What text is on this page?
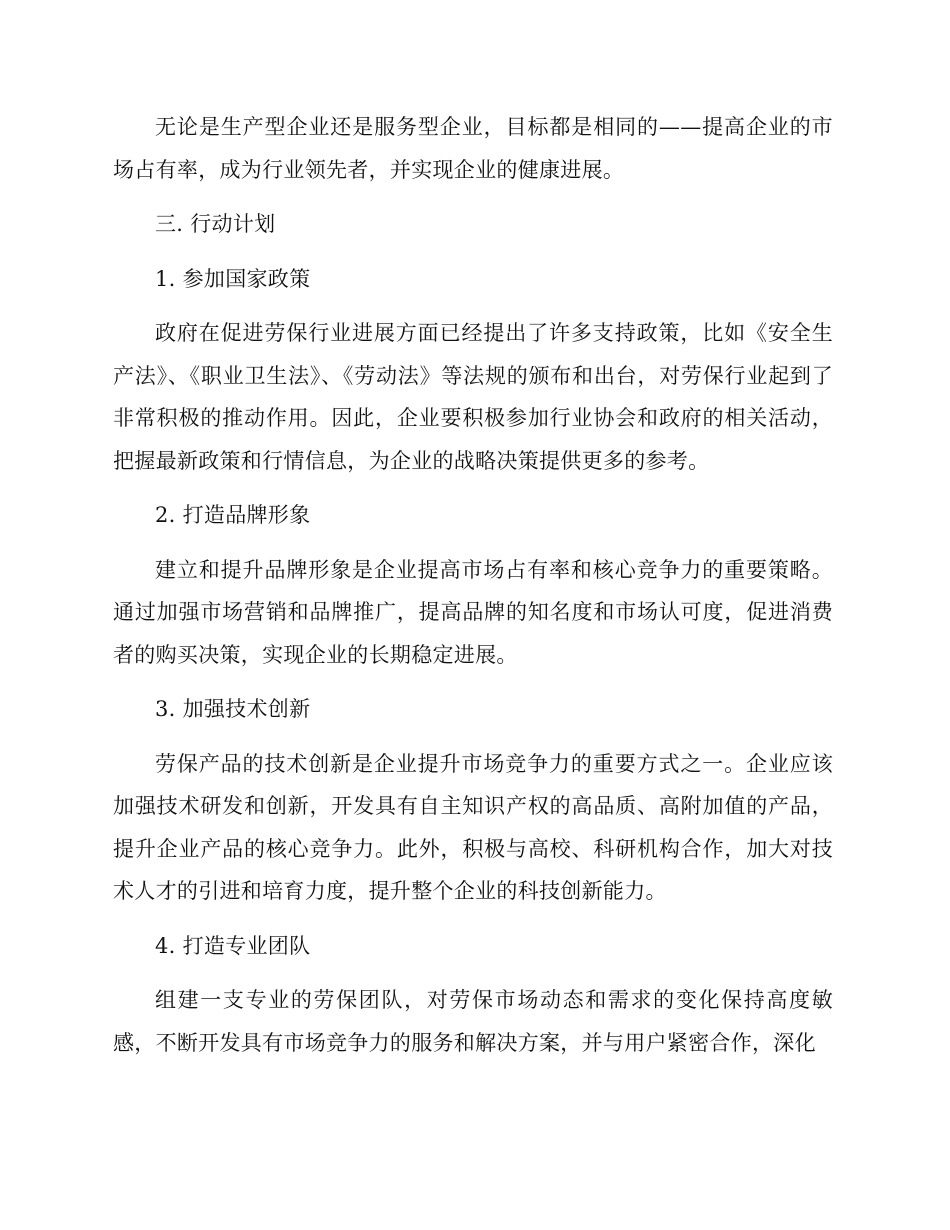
无论是生产型企业还是服务型企业，目标都是相同的——提高企业的市场占有率，成为行业领先者，并实现企业的健康进展。

三. 行动计划

1. 参加国家政策

政府在促进劳保行业进展方面已经提出了许多支持政策，比如《安全生产法》、《职业卫生法》、《劳动法》等法规的颁布和出台，对劳保行业起到了非常积极的推动作用。因此，企业要积极参加行业协会和政府的相关活动，把握最新政策和行情信息，为企业的战略决策提供更多的参考。

2. 打造品牌形象

建立和提升品牌形象是企业提高市场占有率和核心竞争力的重要策略。通过加强市场营销和品牌推广，提高品牌的知名度和市场认可度，促进消费者的购买决策，实现企业的长期稳定进展。

3. 加强技术创新

劳保产品的技术创新是企业提升市场竞争力的重要方式之一。企业应该加强技术研发和创新，开发具有自主知识产权的高品质、高附加值的产品，提升企业产品的核心竞争力。此外，积极与高校、科研机构合作，加大对技术人才的引进和培育力度，提升整个企业的科技创新能力。

4. 打造专业团队

组建一支专业的劳保团队，对劳保市场动态和需求的变化保持高度敏感，不断开发具有市场竞争力的服务和解决方案，并与用户紧密合作，深化
